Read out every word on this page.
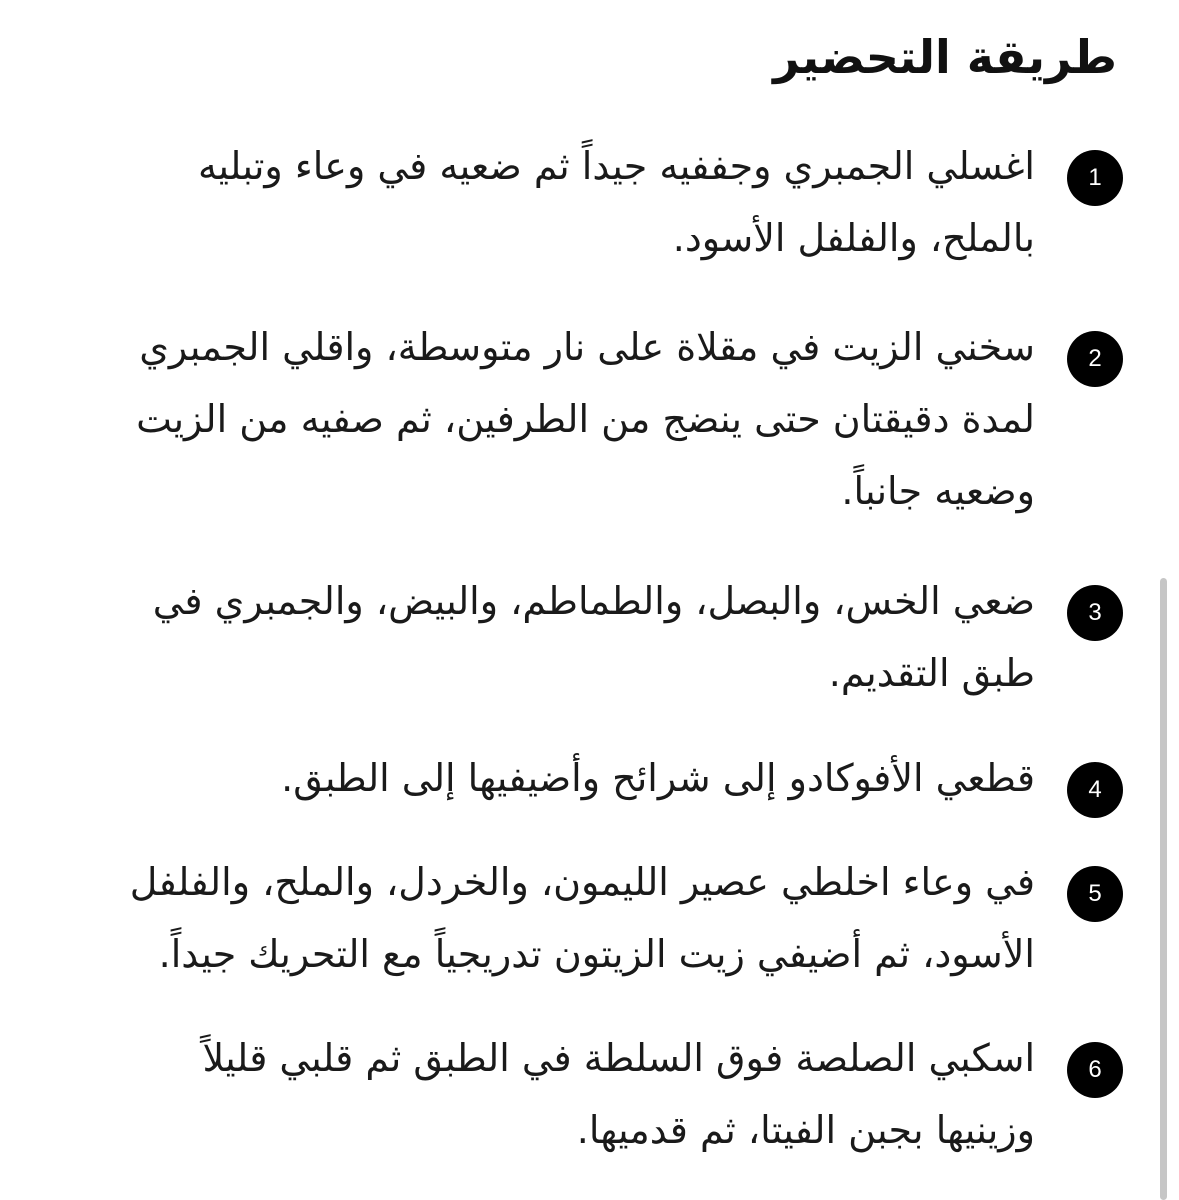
طريقة التحضير
1

اغسلي الجمبري وجففيه جيداً ثم ضعيه في وعاء وتبليه بالملح، والفلفل الأسود.

2

سخني الزيت في مقلاة على نار متوسطة، واقلي الجمبري لمدة دقيقتان حتى ينضج من الطرفين، ثم صفيه من الزيت وضعيه جانباً.

3

ضعي الخس، والبصل، والطماطم، والبيض، والجمبري في طبق التقديم.

4

قطعي الأفوكادو إلى شرائح وأضيفيها إلى الطبق.

5

في وعاء اخلطي عصير الليمون، والخردل، والملح، والفلفل الأسود، ثم أضيفي زيت الزيتون تدريجياً مع التحريك جيداً.

6

اسكبي الصلصة فوق السلطة في الطبق ثم قلبي قليلاً وزينيها بجبن الفيتا، ثم قدميها.
